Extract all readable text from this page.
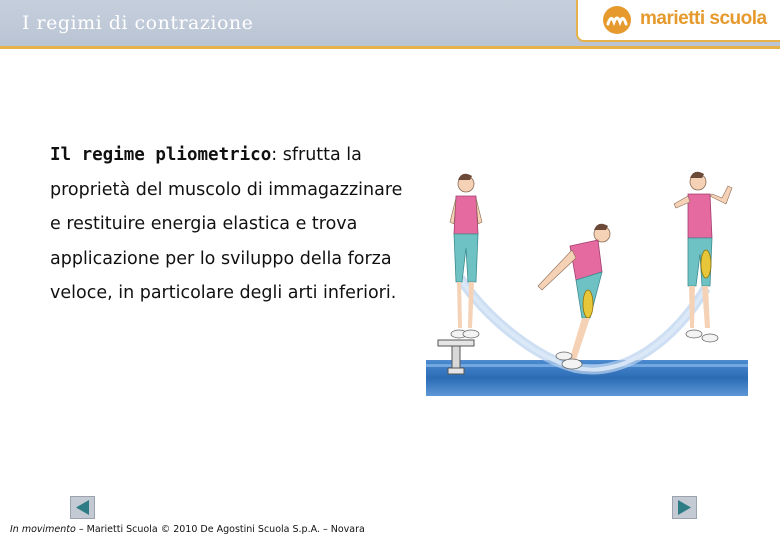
I regimi di contrazione	marietti scuola
Il regime pliometrico: sfrutta la proprietà del muscolo di immagazzinare e restituire energia elastica e trova applicazione per lo sviluppo della forza veloce, in particolare degli arti inferiori.
In movimento – Marietti Scuola © 2010 De Agostini Scuola S.p.A. – Novara
